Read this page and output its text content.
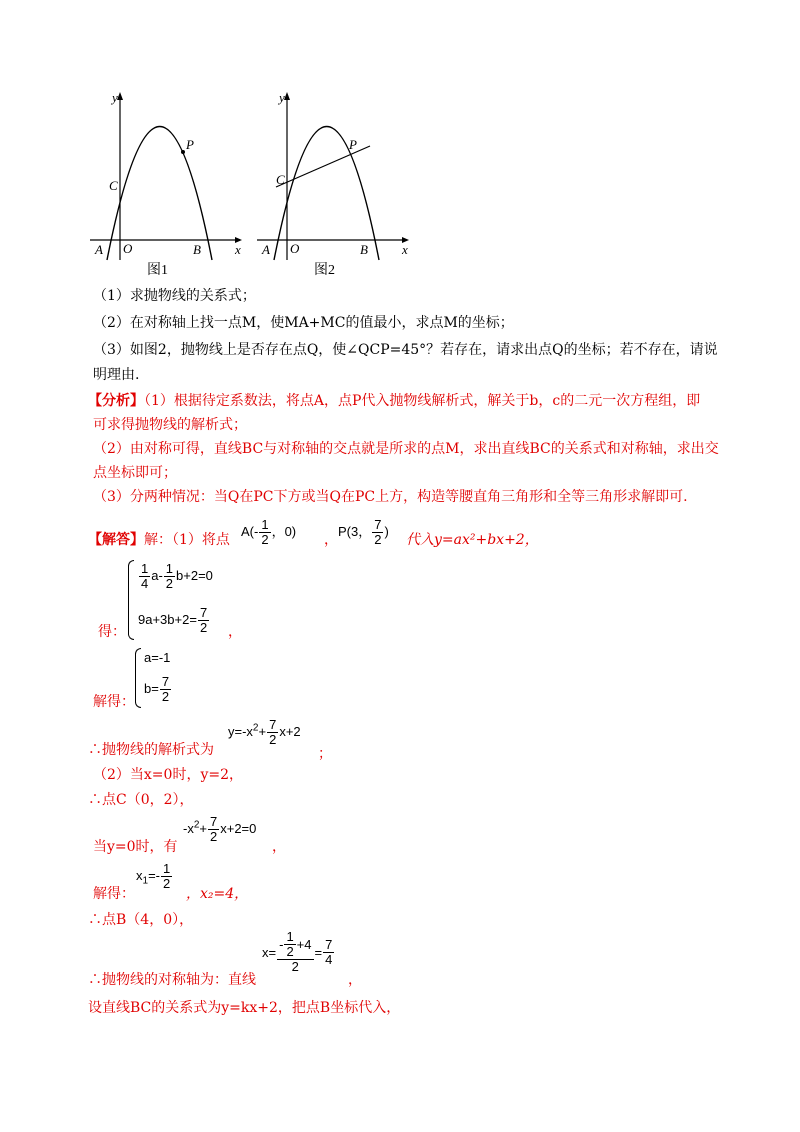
y
x
A O	B
C
P
图1
y
x
A O	B
C
P
图2
（1）求抛物线的关系式；
（2）在对称轴上找一点M，使MA+MC的值最小，求点M的坐标；
（3）如图2，抛物线上是否存在点Q，使∠QCP=45°？若存在，请求出点Q的坐标；若不存在，请说
明理由.
【分析】（1）根据待定系数法，将点A，点P代入抛物线解析式，解关于b，c的二元一次方程组，即
可求得抛物线的解析式；
（2）由对称可得，直线BC与对称轴的交点就是所求的点M，求出直线BC的关系式和对称轴，求出交
点坐标即可；
（3）分两种情况：当Q在PC下方或当Q在PC上方，构造等腰直角三角形和全等三角形求解即可.
【解答】解：（1）将点
$A(- \frac{1}{2}$ ，0)
，
P(3， $\frac{7}{2}$ )
代入y=ax²+bx+2，
$\frac{1}{4} a- \frac{1}{2} b+2=0$
$9a+3b+2= \frac{7}{2}$
得：	，
a=-1
$b= \frac{7}{2}$
解得：
∴抛物线的解析式为
$y=-x^2+ \frac{7}{2} x+2$
；
（2）当x=0时，y=2，
∴点C（0，2），
当y=0时，有
$-x^2+ \frac{7}{2} x+2=0$
，
解得：
$x_1=- \frac{1}{2}$
，x₂=4，
∴点B（4，0），
∴抛物线的对称轴为：直线
$x= \frac{- \frac{1}{2} +4}{2} = \frac{7}{4}$
，
设直线BC的关系式为y=kx+2，把点B坐标代入，
